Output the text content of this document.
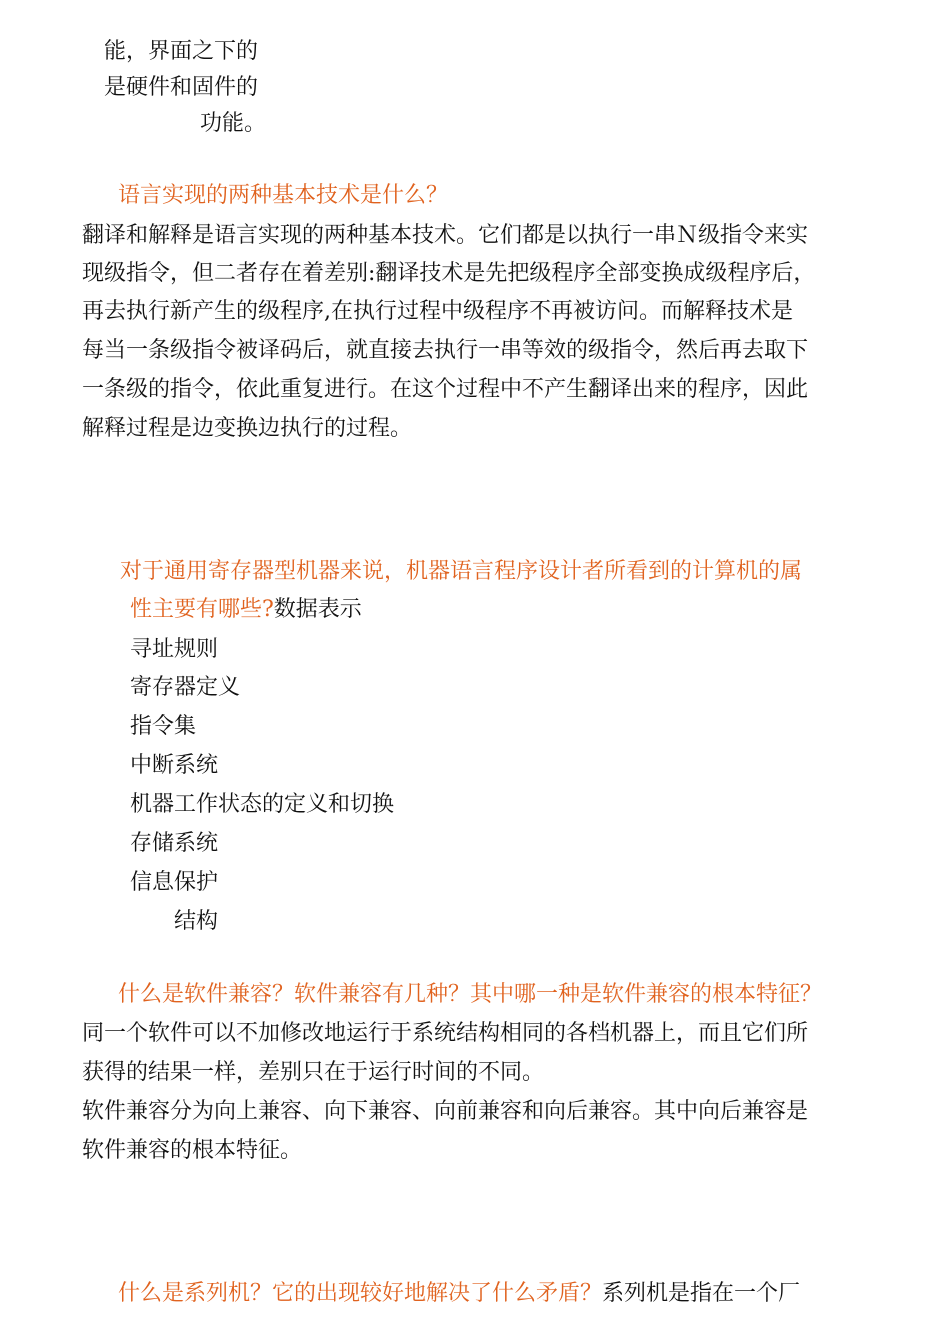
能，界面之下的
是硬件和固件的
功能。
语言实现的两种基本技术是什么？
翻译和解释是语言实现的两种基本技术。它们都是以执行一串Ｎ级指令来实
现级指令，但二者存在着差别:翻译技术是先把级程序全部变换成级程序后，
再去执行新产生的级程序,在执行过程中级程序不再被访问。而解释技术是
每当一条级指令被译码后，就直接去执行一串等效的级指令，然后再去取下
一条级的指令，依此重复进行。在这个过程中不产生翻译出来的程序，因此
解释过程是边变换边执行的过程。
对于通用寄存器型机器来说，机器语言程序设计者所看到的计算机的属
性主要有哪些?数据表示
寻址规则
寄存器定义
指令集
中断系统
机器工作状态的定义和切换
存储系统
信息保护
结构
什么是软件兼容？软件兼容有几种？其中哪一种是软件兼容的根本特征？
同一个软件可以不加修改地运行于系统结构相同的各档机器上，而且它们所
获得的结果一样，差别只在于运行时间的不同。
软件兼容分为向上兼容、向下兼容、向前兼容和向后兼容。其中向后兼容是
软件兼容的根本特征。
什么是系列机？它的出现较好地解决了什么矛盾？系列机是指在一个厂
